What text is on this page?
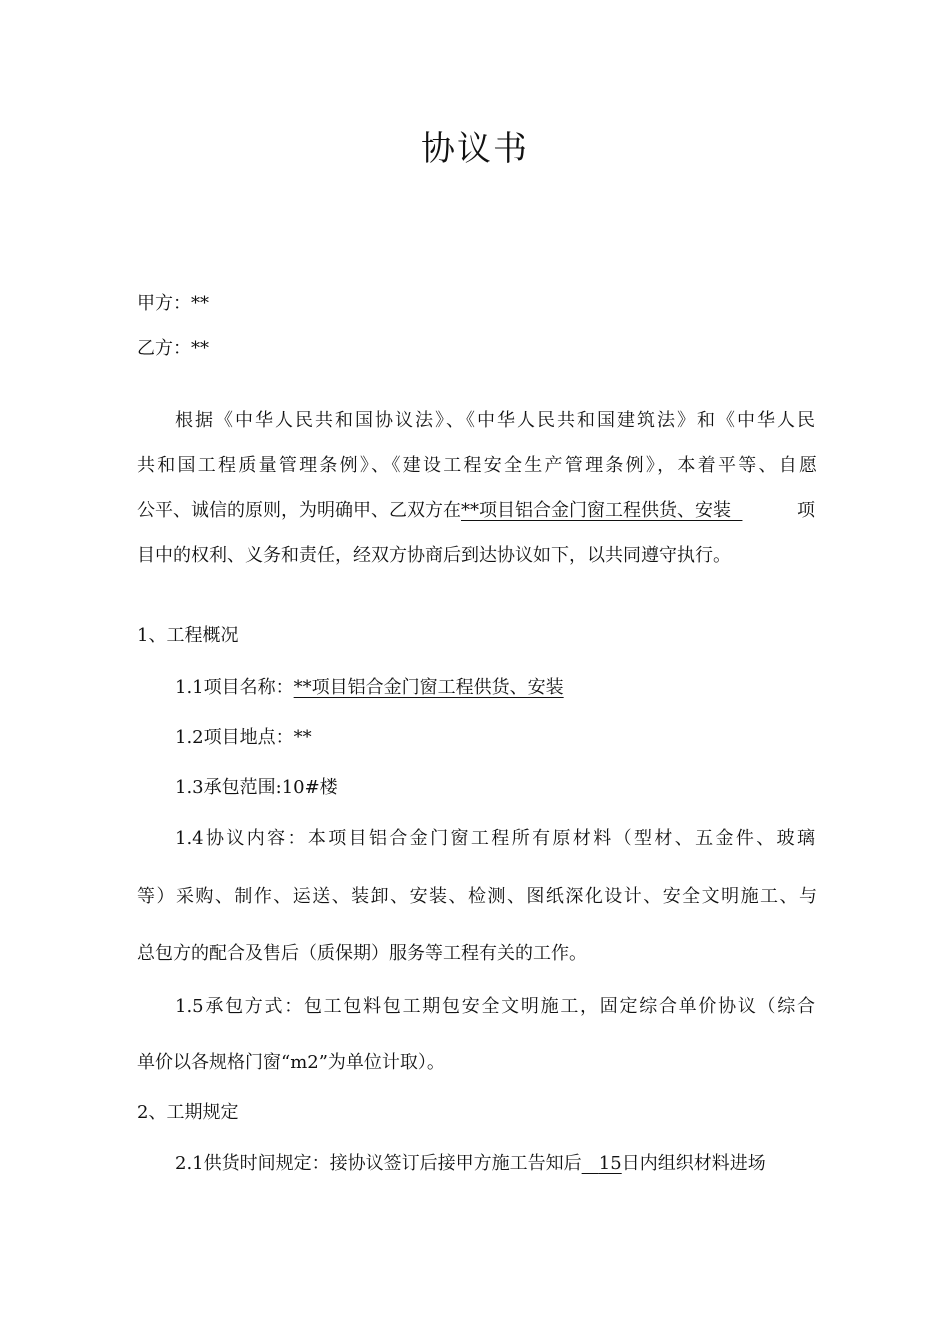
协议书
甲方：**
乙方：**
根据《中华人民共和国协议法》、《中华人民共和国建筑法》和《中华人民
共和国工程质量管理条例》、《建设工程安全生产管理条例》，本着平等、自愿
公平、诚信的原则，为明确甲、乙双方在**项目铝合金门窗工程供货、安装	项
目中的权利、义务和责任，经双方协商后到达协议如下，以共同遵守执行。
1、工程概况
1.1项目名称：**项目铝合金门窗工程供货、安装
1.2项目地点：**
1.3承包范围:10#楼
1.4协议内容：本项目铝合金门窗工程所有原材料（型材、五金件、玻璃
等）采购、制作、运送、装卸、安装、检测、图纸深化设计、安全文明施工、与
总包方的配合及售后（质保期）服务等工程有关的工作。
1.5承包方式：包工包料包工期包安全文明施工，固定综合单价协议（综合
单价以各规格门窗“m2”为单位计取）。
2、工期规定
2.1供货时间规定：接协议签订后接甲方施工告知后 15日内组织材料进场
